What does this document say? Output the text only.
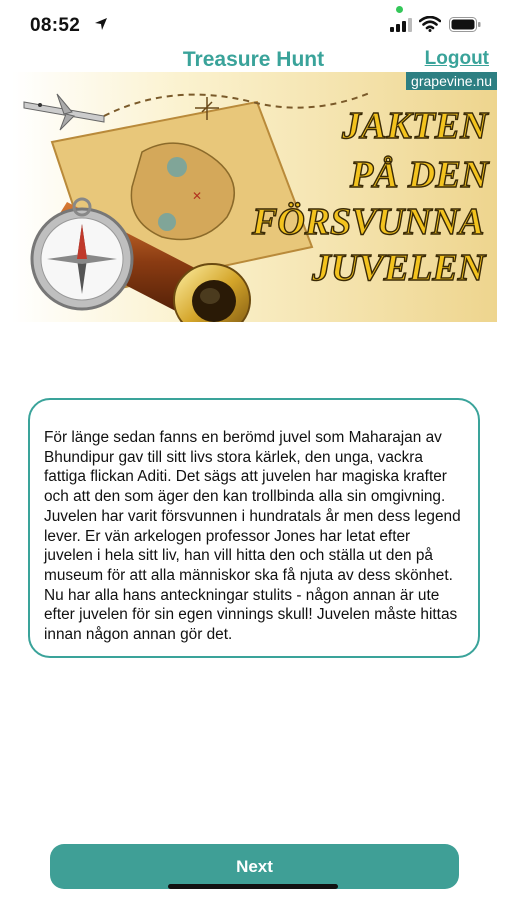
08:52
Treasure Hunt	Logout
✕
JAKTEN
PÅ DEN
FÖRSVUNNA
JUVELEN
grapevine.nu
För länge sedan fanns en berömd juvel som Maharajan av Bhundipur gav till sitt livs stora kärlek, den unga, vackra fattiga flickan Aditi. Det sägs att juvelen har magiska krafter och att den som äger den kan trollbinda alla sin omgivning. Juvelen har varit försvunnen i hundratals år men dess legend lever. Er vän arkelogen professor Jones har letat efter juvelen i hela sitt liv, han vill hitta den och ställa ut den på museum för att alla människor ska få njuta av dess skönhet. Nu har alla hans anteckningar stulits - någon annan är ute efter juvelen för sin egen vinnings skull! Juvelen måste hittas innan någon annan gör det.
Next
